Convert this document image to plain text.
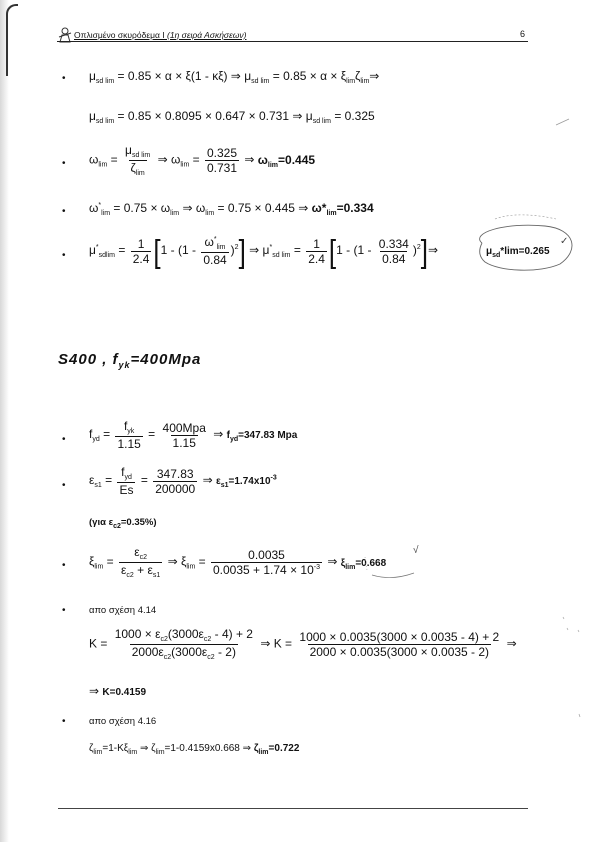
Οπλισμένο σκυρόδεμα Ι (1η σειρά Ασκήσεων)	6
• $\mu_{sd lim} = 0.85 \times \alpha \times \xi(1 - \kappa\xi)$ ⇒ $\mu_{sd lim} = 0.85 \times \alpha$ × $\xi_{lim}\zeta_{lim}\Rightarrow$
$\mu_{sd lim} = 0.85 \times 0.8095 \times 0.647 \times 0.731$ ⇒ $\mu_{sd lim} = 0.325$
• $\omega_{lim} = \frac{\mu_{sd lim}}{\zeta_{lim}}$ ⇒ $\omega_{lim} = \frac{0.325}{0.731}$ ⇒ $\omega_{lim}=0.445$
• $\omega^*_{lim} = 0.75 \times \omega_{lim}$ ⇒ $\omega_{lim} = 0.75 \times 0.445$ ⇒ $\omega*_{lim}=0.334$
• $\mu^*_{sdlim} = \frac{1}{2.4} [1 - (1 - \frac{\omega^*_{lim}}{0.84} )^2]$ ⇒ $\mu^*_{sd lim} = \frac{1}{2.4} [1 - (1 - \frac{0.334}{0.84}$ )$^2$]⇒	$\mu_{sd}*\lim=0.265$
✓
S400 , $f_{yk}=400Mpa$
• $f_{yd} = \frac{f_{yk}}{1.15} = \frac{\text{400Mpa}}{1.15}$ ⇒ $f_{yd}=347.83$ Mpa
• $\varepsilon_{s1} = \frac{f_{yd}}{Es} = \frac{347.83}{200000}$ ⇒ $\varepsilon_{s1}=1.74x10^{-3}$
(για $\varepsilon_{c2}=0.35\%$)
• $\xi_{lim} = \frac{\varepsilon_{c2}}{\varepsilon_{c2} + \varepsilon_{s1}}$ ⇒ $\xi_{lim} = \frac{0.0035}{0.0035 + 1.74 \times 10^{-3}}$ ⇒ $\xi_{lim}=0.668$
√
• απο σχέση 4.14
$K = \frac{1000 \times \varepsilon_{c2}(3000\varepsilon_{c2} - 4) + 2}{2000\varepsilon_{c2}(3000\varepsilon_{c2} - 2)}$ ⇒ $K = \frac{1000 \times 0.0035(3000 \times 0.0035 - 4) + 2}{2000 \times 0.0035(3000 \times 0.0035 - 2)}$ ⇒
⇒ K=0.4159
• απο σχέση 4.16
$\zeta_{lim}=1-K\xi_{lim}$ ⇒ $\zeta_{lim}=1-0.4159x0.668$ ⇒ $\zeta_{lim}=0.722$
